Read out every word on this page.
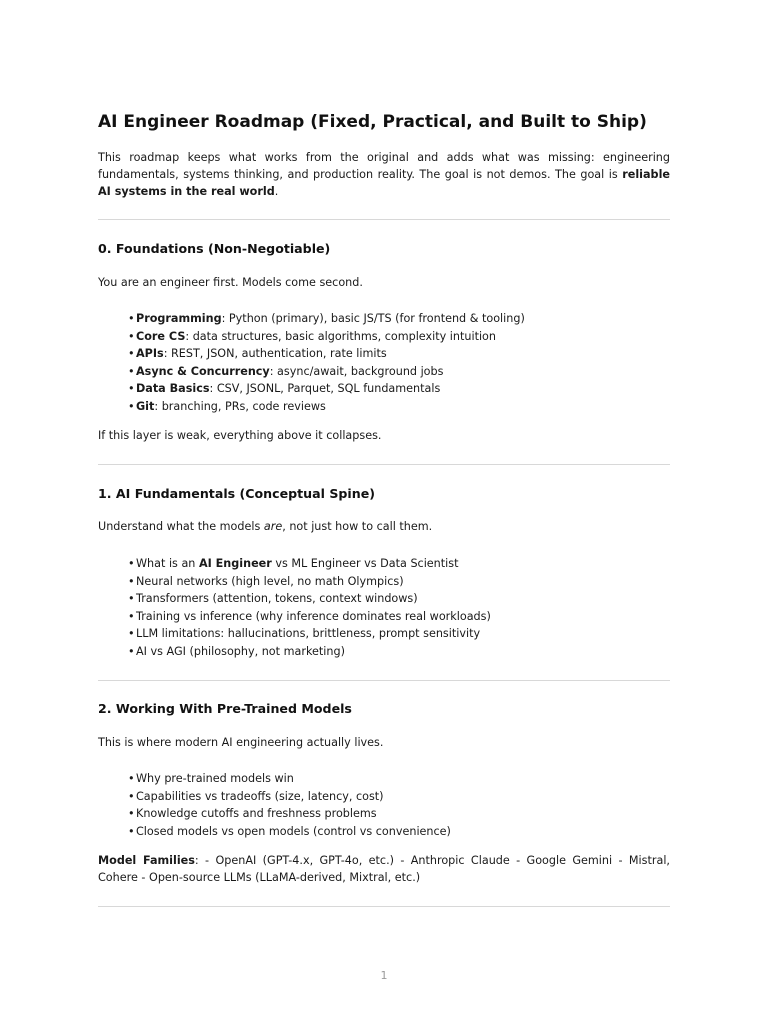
AI Engineer Roadmap (Fixed, Practical, and Built to Ship)

This roadmap keeps what works from the original and adds what was missing: engineering fundamentals, systems thinking, and production reality. The goal is not demos. The goal is reliable AI systems in the real world.

0. Foundations (Non-Negotiable)

You are an engineer first. Models come second.

•Programming: Python (primary), basic JS/TS (for frontend & tooling)
•Core CS: data structures, basic algorithms, complexity intuition
•APIs: REST, JSON, authentication, rate limits
•Async & Concurrency: async/await, background jobs
•Data Basics: CSV, JSONL, Parquet, SQL fundamentals
•Git: branching, PRs, code reviews

If this layer is weak, everything above it collapses.

1. AI Fundamentals (Conceptual Spine)

Understand what the models are, not just how to call them.

•What is an AI Engineer vs ML Engineer vs Data Scientist
•Neural networks (high level, no math Olympics)
•Transformers (attention, tokens, context windows)
•Training vs inference (why inference dominates real workloads)
•LLM limitations: hallucinations, brittleness, prompt sensitivity
•AI vs AGI (philosophy, not marketing)
2. Working With Pre-Trained Models

This is where modern AI engineering actually lives.

•Why pre-trained models win
•Capabilities vs tradeoffs (size, latency, cost)
•Knowledge cutoffs and freshness problems
•Closed models vs open models (control vs convenience)

Model Families: - OpenAI (GPT-4.x, GPT-4o, etc.) - Anthropic Claude - Google Gemini - Mistral, Cohere - Open-source LLMs (LLaMA-derived, Mixtral, etc.)

1
